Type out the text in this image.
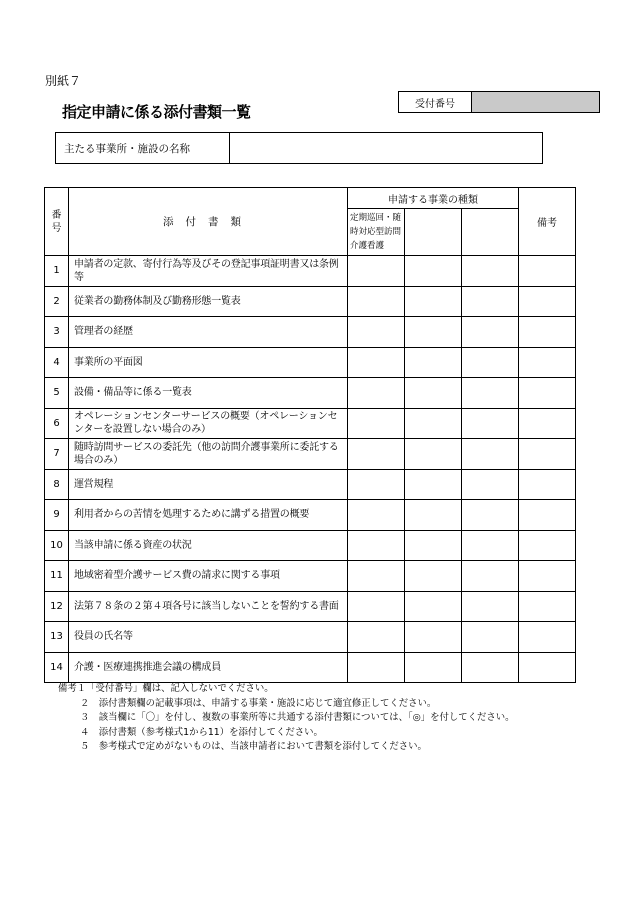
別紙７
指定申請に係る添付書類一覧	受付番号
主たる事業所・施設の名称
番
号	添付書類	申請する事業の種類			備考
		定期巡回・随
時対応型訪問
介護看護			
1	申請者の定款、寄付行為等及びその登記事項証明書又は条例等				
2	従業者の勤務体制及び勤務形態一覧表				
3	管理者の経歴				
4	事業所の平面図				
5	設備・備品等に係る一覧表				
6	オペレーションセンターサービスの概要（オペレーションセンターを設置しない場合のみ）				
7	随時訪問サービスの委託先（他の訪問介護事業所に委託する場合のみ）				
8	運営規程				
9	利用者からの苦情を処理するために講ずる措置の概要				
10	当該申請に係る資産の状況				
11	地域密着型介護サービス費の請求に関する事項				
12	法第７８条の２第４項各号に該当しないことを誓約する書面				
13	役員の氏名等				
14	介護・医療連携推進会議の構成員				
備考１「受付番号」欄は、記入しないでください。
２　添付書類欄の記載事項は、申請する事業・施設に応じて適宜修正してください。
３　該当欄に「〇」を付し、複数の事業所等に共通する添付書類については、「◎」を付してください。
４　添付書類（参考様式1から11）を添付してください。
５　参考様式で定めがないものは、当該申請者において書類を添付してください。
